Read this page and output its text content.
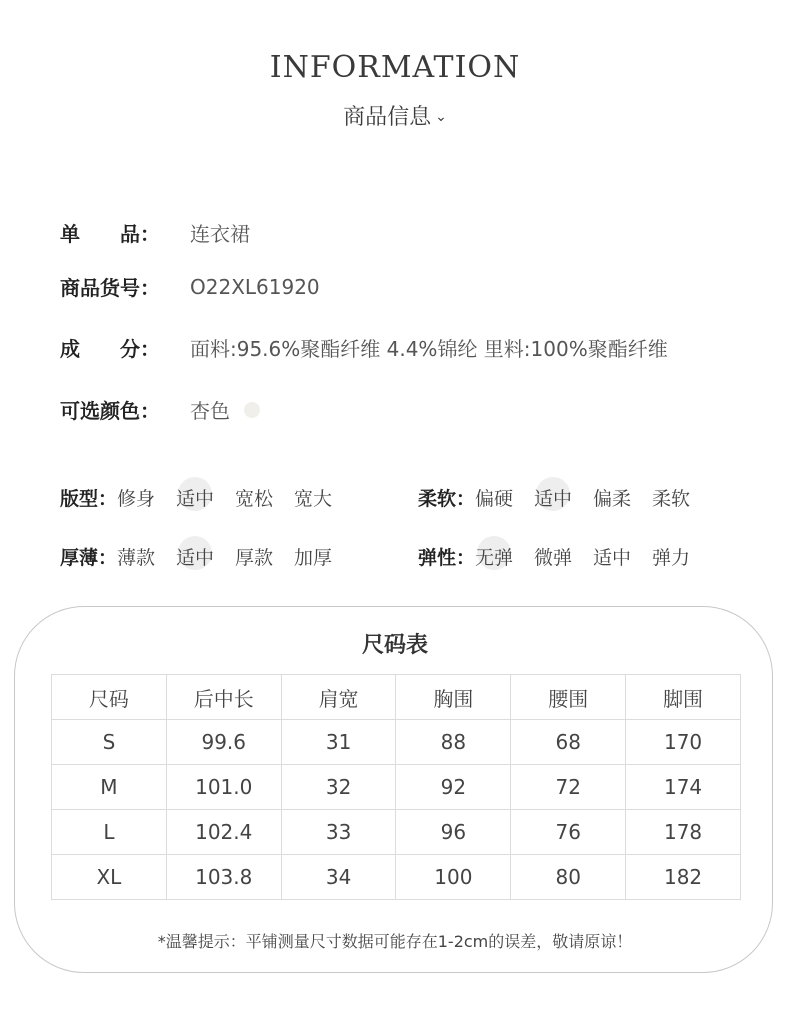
INFORMATION
商品信息 ⌄
单　　品：	连衣裙
商品货号：	O22XL61920
成　　分：	面料:95.6%聚酯纤维 4.4%锦纶 里料:100%聚酯纤维
可选颜色：	杏色
版型： 修身	适中	宽松	宽大	柔软： 偏硬	适中	偏柔	柔软
厚薄： 薄款	适中	厚款	加厚	弹性： 无弹	微弹	适中	弹力
尺码表
尺码	后中长	肩宽	胸围	腰围	脚围
S	99.6	31	88	68	170
M	101.0	32	92	72	174
L	102.4	33	96	76	178
XL	103.8	34	100	80	182
*温馨提示：平铺测量尺寸数据可能存在1-2cm的误差，敬请原谅！
